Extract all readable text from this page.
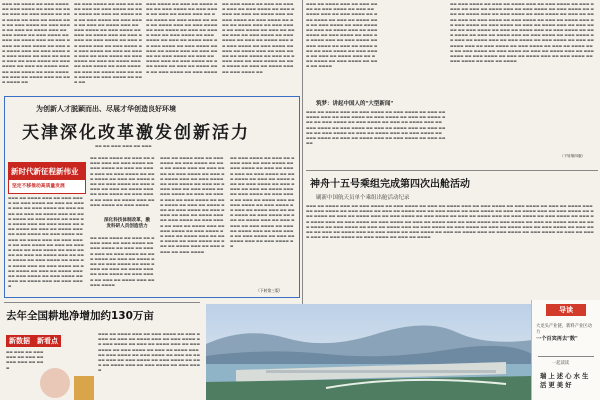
▬▬▬ ▬▬ ▬▬▬▬ ▬▬ ▬▬▬ ▬▬▬▬ ▬▬ ▬▬▬ ▬▬▬▬ ▬▬ ▬▬▬ ▬▬ ▬▬▬▬ ▬▬▬ ▬▬ ▬▬▬ ▬▬▬▬ ▬▬ ▬▬▬ ▬▬▬▬ ▬▬ ▬▬▬ ▬▬ ▬▬▬▬ ▬▬▬ ▬▬ ▬▬▬ ▬▬▬▬ ▬▬ ▬▬▬ ▬▬▬▬ ▬▬ ▬▬▬ ▬▬ ▬▬▬▬ ▬▬▬ ▬▬ ▬▬▬ ▬▬▬▬ ▬▬ ▬▬▬ ▬▬▬▬ ▬▬ ▬▬▬ ▬▬ ▬▬▬▬ ▬▬▬ ▬▬ ▬▬▬ ▬▬▬▬ ▬▬ ▬▬▬ ▬▬▬▬ ▬▬ ▬▬▬ ▬▬ ▬▬▬▬ ▬▬▬ ▬▬ ▬▬▬ ▬▬▬▬ ▬▬ ▬▬▬ ▬▬▬▬ ▬▬ ▬▬▬ ▬▬ ▬▬▬▬ ▬▬▬ ▬▬ ▬▬▬ ▬▬▬▬ ▬▬ ▬▬▬ ▬▬▬▬ ▬▬ ▬▬▬ ▬▬ ▬▬▬▬ ▬▬▬ ▬▬ ▬▬▬ ▬▬▬▬ ▬▬ ▬▬▬ ▬▬▬▬ ▬▬ ▬▬▬ ▬▬ ▬▬▬▬ ▬▬▬ ▬▬ ▬▬▬ ▬▬▬▬ ▬▬
▬▬ ▬▬▬ ▬▬▬▬ ▬▬ ▬▬▬ ▬▬ ▬▬▬▬ ▬▬▬ ▬▬ ▬▬▬ ▬▬▬▬ ▬▬ ▬▬▬ ▬▬▬▬ ▬▬ ▬▬▬ ▬▬ ▬▬▬▬ ▬▬▬ ▬▬ ▬▬▬ ▬▬▬▬ ▬▬ ▬▬▬ ▬▬▬▬ ▬▬ ▬▬▬ ▬▬ ▬▬▬▬ ▬▬▬ ▬▬ ▬▬▬ ▬▬▬▬ ▬▬ ▬▬▬ ▬▬▬▬ ▬▬ ▬▬▬ ▬▬ ▬▬▬▬ ▬▬▬ ▬▬ ▬▬▬ ▬▬▬▬ ▬▬ ▬▬▬ ▬▬▬▬ ▬▬ ▬▬▬ ▬▬ ▬▬▬▬ ▬▬▬ ▬▬ ▬▬▬ ▬▬▬▬ ▬▬ ▬▬▬ ▬▬▬▬ ▬▬ ▬▬▬ ▬▬ ▬▬▬▬ ▬▬▬ ▬▬ ▬▬▬ ▬▬▬▬ ▬▬ ▬▬▬ ▬▬▬▬ ▬▬ ▬▬▬ ▬▬ ▬▬▬▬ ▬▬▬ ▬▬ ▬▬▬ ▬▬▬▬ ▬▬ ▬▬▬ ▬▬▬▬ ▬▬ ▬▬▬ ▬▬ ▬▬▬▬ ▬▬▬ ▬▬ ▬▬▬ ▬▬▬▬ ▬▬ ▬▬▬ ▬▬▬▬ ▬▬ ▬▬▬ ▬▬
▬▬▬ ▬▬▬▬ ▬▬ ▬▬▬ ▬▬ ▬▬▬▬ ▬▬▬ ▬▬ ▬▬▬ ▬▬▬▬ ▬▬ ▬▬▬ ▬▬▬▬ ▬▬ ▬▬▬ ▬▬ ▬▬▬▬ ▬▬▬ ▬▬ ▬▬▬ ▬▬▬▬ ▬▬ ▬▬▬ ▬▬▬▬ ▬▬ ▬▬▬ ▬▬ ▬▬▬▬ ▬▬▬ ▬▬ ▬▬▬ ▬▬▬▬ ▬▬ ▬▬▬ ▬▬▬▬ ▬▬ ▬▬▬ ▬▬ ▬▬▬▬ ▬▬▬ ▬▬ ▬▬▬ ▬▬▬▬ ▬▬ ▬▬▬ ▬▬▬▬ ▬▬ ▬▬▬ ▬▬ ▬▬▬▬ ▬▬▬ ▬▬ ▬▬▬ ▬▬▬▬ ▬▬ ▬▬▬ ▬▬▬▬ ▬▬ ▬▬▬ ▬▬ ▬▬▬▬ ▬▬▬ ▬▬ ▬▬▬ ▬▬▬▬ ▬▬ ▬▬▬ ▬▬▬▬ ▬▬ ▬▬▬ ▬▬ ▬▬▬▬ ▬▬▬ ▬▬ ▬▬▬ ▬▬▬▬ ▬▬ ▬▬▬ ▬▬▬▬ ▬▬ ▬▬▬ ▬▬ ▬▬▬▬ ▬▬▬ ▬▬ ▬▬▬ ▬▬▬▬ ▬▬ ▬▬▬ ▬▬▬▬
▬▬ ▬▬▬ ▬▬▬▬ ▬▬ ▬▬▬ ▬▬ ▬▬▬▬ ▬▬▬ ▬▬ ▬▬▬ ▬▬▬▬ ▬▬ ▬▬▬ ▬▬▬▬ ▬▬ ▬▬▬ ▬▬ ▬▬▬▬ ▬▬▬ ▬▬ ▬▬▬ ▬▬▬▬ ▬▬ ▬▬▬ ▬▬▬▬ ▬▬ ▬▬▬ ▬▬ ▬▬▬▬ ▬▬▬ ▬▬ ▬▬▬ ▬▬▬▬ ▬▬ ▬▬▬ ▬▬▬▬ ▬▬ ▬▬▬ ▬▬ ▬▬▬▬ ▬▬▬ ▬▬ ▬▬▬ ▬▬▬▬ ▬▬ ▬▬▬ ▬▬▬▬ ▬▬ ▬▬▬ ▬▬ ▬▬▬▬ ▬▬▬ ▬▬ ▬▬▬ ▬▬▬▬ ▬▬ ▬▬▬ ▬▬▬▬ ▬▬ ▬▬▬ ▬▬ ▬▬▬▬ ▬▬▬ ▬▬ ▬▬▬ ▬▬▬▬ ▬▬ ▬▬▬ ▬▬▬▬ ▬▬ ▬▬▬ ▬▬ ▬▬▬▬ ▬▬▬ ▬▬ ▬▬▬ ▬▬▬▬ ▬▬ ▬▬▬ ▬▬▬▬ ▬▬ ▬▬▬ ▬▬ ▬▬▬▬ ▬▬▬ ▬▬ ▬▬▬ ▬▬▬▬ ▬▬
▬▬▬ ▬▬ ▬▬▬▬ ▬▬▬ ▬▬ ▬▬▬ ▬▬▬▬ ▬▬ ▬▬▬ ▬▬▬▬ ▬▬ ▬▬▬ ▬▬ ▬▬▬▬ ▬▬▬ ▬▬ ▬▬▬ ▬▬▬▬ ▬▬ ▬▬▬ ▬▬▬▬ ▬▬ ▬▬▬ ▬▬ ▬▬▬▬ ▬▬▬ ▬▬ ▬▬▬ ▬▬▬▬ ▬▬ ▬▬▬ ▬▬▬▬ ▬▬ ▬▬▬ ▬▬ ▬▬▬▬ ▬▬▬ ▬▬ ▬▬▬ ▬▬▬▬ ▬▬ ▬▬▬ ▬▬▬▬ ▬▬ ▬▬▬ ▬▬ ▬▬▬▬ ▬▬▬ ▬▬ ▬▬▬ ▬▬▬▬ ▬▬ ▬▬▬ ▬▬▬▬ ▬▬ ▬▬▬ ▬▬ ▬▬▬▬ ▬▬▬ ▬▬ ▬▬▬ ▬▬▬▬ ▬▬ ▬▬▬ ▬▬▬▬ ▬▬ ▬▬▬ ▬▬ ▬▬▬▬ ▬▬▬ ▬▬ ▬▬▬ ▬▬▬▬ ▬▬ ▬▬▬ ▬▬▬▬ ▬▬ ▬▬▬ ▬▬ ▬▬▬▬
筑梦：讲起中国人的"大型新闻"
▬▬▬ ▬▬ ▬▬▬▬ ▬▬▬ ▬▬ ▬▬▬ ▬▬▬▬ ▬▬ ▬▬▬ ▬▬▬▬ ▬▬ ▬▬▬ ▬▬ ▬▬▬▬ ▬▬▬ ▬▬ ▬▬▬ ▬▬▬▬ ▬▬ ▬▬▬ ▬▬▬▬ ▬▬ ▬▬▬ ▬▬ ▬▬▬▬ ▬▬▬ ▬▬ ▬▬▬ ▬▬▬▬ ▬▬ ▬▬▬ ▬▬▬▬ ▬▬ ▬▬▬ ▬▬ ▬▬▬▬ ▬▬▬ ▬▬ ▬▬▬ ▬▬▬▬ ▬▬ ▬▬▬ ▬▬▬▬ ▬▬ ▬▬▬ ▬▬ ▬▬▬▬ ▬▬▬ ▬▬ ▬▬▬ ▬▬▬▬ ▬▬ ▬▬▬ ▬▬▬▬ ▬▬ ▬▬▬ ▬▬ ▬▬▬▬ ▬▬▬ ▬▬ ▬▬▬ ▬▬▬▬ ▬▬ ▬▬▬ ▬▬▬▬ ▬▬ ▬▬▬ ▬▬ ▬▬▬▬ ▬▬▬ ▬▬ ▬▬▬ ▬▬▬▬ ▬▬ ▬▬▬ ▬▬▬▬
▬▬ ▬▬▬ ▬▬▬▬ ▬▬ ▬▬▬ ▬▬ ▬▬▬▬ ▬▬▬ ▬▬ ▬▬▬ ▬▬▬▬ ▬▬ ▬▬▬ ▬▬▬▬ ▬▬ ▬▬▬ ▬▬ ▬▬▬▬ ▬▬▬ ▬▬ ▬▬▬ ▬▬▬▬ ▬▬ ▬▬▬ ▬▬▬▬ ▬▬ ▬▬▬ ▬▬ ▬▬▬▬ ▬▬▬ ▬▬ ▬▬▬ ▬▬▬▬ ▬▬ ▬▬▬ ▬▬▬▬ ▬▬ ▬▬▬ ▬▬ ▬▬▬▬ ▬▬▬ ▬▬ ▬▬▬ ▬▬▬▬ ▬▬ ▬▬▬ ▬▬▬▬ ▬▬ ▬▬▬ ▬▬ ▬▬▬▬ ▬▬▬ ▬▬ ▬▬▬ ▬▬▬▬ ▬▬ ▬▬▬ ▬▬▬▬ ▬▬ ▬▬▬ ▬▬ ▬▬▬▬ ▬▬▬ ▬▬ ▬▬▬ ▬▬▬▬ ▬▬ ▬▬▬ ▬▬▬▬ ▬▬ ▬▬▬ ▬▬ ▬▬▬▬ ▬▬▬ ▬▬ ▬▬▬ ▬▬▬▬ ▬▬ ▬▬▬ ▬▬▬▬ ▬▬ ▬▬▬ ▬▬ ▬▬▬▬ ▬▬▬ ▬▬ ▬▬▬ ▬▬▬▬ ▬▬ ▬▬▬ ▬▬▬▬ ▬▬ ▬▬▬ ▬▬ ▬▬▬▬ ▬▬▬ ▬▬ ▬▬▬ ▬▬▬▬ ▬▬ ▬▬▬ ▬▬▬▬ ▬▬ ▬▬▬ ▬▬ ▬▬▬▬ ▬▬▬ ▬▬ ▬▬▬ ▬▬▬▬ ▬▬ ▬▬▬ ▬▬▬▬ ▬▬ ▬▬▬ ▬▬ ▬▬▬▬ ▬▬▬ ▬▬ ▬▬▬ ▬▬▬▬ ▬▬ ▬▬▬ ▬▬▬▬ ▬▬ ▬▬▬ ▬▬ ▬▬▬▬ ▬▬▬ ▬▬ ▬▬▬ ▬▬▬▬ ▬▬ ▬▬▬ ▬▬▬▬ ▬▬ ▬▬▬ ▬▬ ▬▬▬▬ ▬▬▬ ▬▬ ▬▬▬ ▬▬▬▬ ▬▬ ▬▬▬ ▬▬▬▬ ▬▬ ▬▬▬ ▬▬ ▬▬▬▬
（下转第四版）
神舟十五号乘组完成第四次出舱活动
刷新中国航天员单个乘组出舱活动纪录
▬▬▬ ▬▬ ▬▬▬▬ ▬▬▬ ▬▬ ▬▬▬ ▬▬▬▬ ▬▬ ▬▬▬ ▬▬▬▬ ▬▬ ▬▬▬ ▬▬ ▬▬▬▬ ▬▬▬ ▬▬ ▬▬▬ ▬▬▬▬ ▬▬ ▬▬▬ ▬▬▬▬ ▬▬ ▬▬▬ ▬▬ ▬▬▬▬ ▬▬▬ ▬▬ ▬▬▬ ▬▬▬▬ ▬▬ ▬▬▬ ▬▬▬▬ ▬▬ ▬▬▬ ▬▬ ▬▬▬▬ ▬▬▬ ▬▬ ▬▬▬ ▬▬▬▬ ▬▬ ▬▬▬ ▬▬▬▬ ▬▬ ▬▬▬ ▬▬ ▬▬▬▬ ▬▬▬ ▬▬ ▬▬▬ ▬▬▬▬ ▬▬ ▬▬▬ ▬▬▬▬ ▬▬ ▬▬▬ ▬▬ ▬▬▬▬ ▬▬▬ ▬▬ ▬▬▬ ▬▬▬▬ ▬▬ ▬▬▬ ▬▬▬▬ ▬▬ ▬▬▬ ▬▬ ▬▬▬▬ ▬▬▬ ▬▬ ▬▬▬ ▬▬▬▬ ▬▬ ▬▬▬ ▬▬▬▬ ▬▬ ▬▬▬ ▬▬ ▬▬▬▬ ▬▬▬ ▬▬ ▬▬▬ ▬▬▬▬ ▬▬ ▬▬▬ ▬▬▬▬ ▬▬ ▬▬▬ ▬▬ ▬▬▬▬ ▬▬▬ ▬▬ ▬▬▬ ▬▬▬▬ ▬▬ ▬▬▬ ▬▬▬▬ ▬▬ ▬▬▬ ▬▬ ▬▬▬▬ ▬▬▬ ▬▬ ▬▬▬ ▬▬▬▬ ▬▬ ▬▬▬ ▬▬▬▬ ▬▬ ▬▬▬ ▬▬ ▬▬▬▬ ▬▬▬ ▬▬ ▬▬▬ ▬▬▬▬ ▬▬ ▬▬▬ ▬▬▬▬ ▬▬ ▬▬▬ ▬▬ ▬▬▬▬ ▬▬▬ ▬▬ ▬▬▬ ▬▬▬▬ ▬▬ ▬▬▬ ▬▬▬▬ ▬▬ ▬▬▬ ▬▬ ▬▬▬▬ ▬▬▬ ▬▬ ▬▬▬ ▬▬▬▬ ▬▬ ▬▬▬ ▬▬▬▬ ▬▬ ▬▬▬ ▬▬ ▬▬▬▬ ▬▬▬ ▬▬ ▬▬▬ ▬▬▬▬ ▬▬ ▬▬▬ ▬▬▬▬ ▬▬ ▬▬▬ ▬▬ ▬▬▬▬ ▬▬▬ ▬▬ ▬▬▬ ▬▬▬▬ ▬▬ ▬▬▬ ▬▬▬▬ ▬▬ ▬▬▬ ▬▬ ▬▬▬▬
为创新人才脱颖而出、尽展才华创造良好环境
天津深化改革激发创新活力
▬▬ ▬▬ ▬▬▬ ▬▬▬ ▬▬ ▬▬▬
新时代新征程新伟业
坚定不移推动高质量发展
▬▬▬ ▬▬ ▬▬▬▬ ▬▬▬ ▬▬ ▬▬▬ ▬▬▬▬ ▬▬ ▬▬▬ ▬▬▬▬ ▬▬ ▬▬▬ ▬▬ ▬▬▬▬ ▬▬▬ ▬▬ ▬▬▬ ▬▬▬▬ ▬▬ ▬▬▬ ▬▬▬▬ ▬▬ ▬▬▬ ▬▬ ▬▬▬▬ ▬▬▬ ▬▬ ▬▬▬ ▬▬▬▬ ▬▬ ▬▬▬ ▬▬▬▬ ▬▬ ▬▬▬ ▬▬ ▬▬▬▬ ▬▬▬ ▬▬ ▬▬▬ ▬▬▬▬ ▬▬ ▬▬▬ ▬▬▬▬ ▬▬ ▬▬▬ ▬▬ ▬▬▬▬ ▬▬▬ ▬▬ ▬▬▬ ▬▬▬▬ ▬▬ ▬▬▬ ▬▬▬▬ ▬▬ ▬▬▬ ▬▬ ▬▬▬▬ ▬▬▬ ▬▬ ▬▬▬ ▬▬▬▬ ▬▬ ▬▬▬ ▬▬▬▬ ▬▬ ▬▬▬ ▬▬ ▬▬▬▬ ▬▬▬ ▬▬ ▬▬▬ ▬▬▬▬ ▬▬ ▬▬▬ ▬▬▬▬ ▬▬ ▬▬▬ ▬▬ ▬▬▬▬ ▬▬▬ ▬▬ ▬▬▬ ▬▬▬▬ ▬▬ ▬▬▬ ▬▬▬▬ ▬▬ ▬▬▬ ▬▬ ▬▬▬▬ ▬▬▬ ▬▬ ▬▬▬ ▬▬▬▬ ▬▬ ▬▬▬ ▬▬▬▬ ▬▬ ▬▬▬ ▬▬ ▬▬▬▬ ▬▬▬ ▬▬ ▬▬▬ ▬▬▬▬ ▬▬ ▬▬▬ ▬▬▬▬ ▬▬ ▬▬▬ ▬▬ ▬▬▬▬ ▬▬▬ ▬▬ ▬▬▬ ▬▬▬▬
▬▬ ▬▬▬ ▬▬▬▬ ▬▬ ▬▬▬ ▬▬ ▬▬▬▬ ▬▬▬ ▬▬ ▬▬▬ ▬▬▬▬ ▬▬ ▬▬▬ ▬▬▬▬ ▬▬ ▬▬▬ ▬▬ ▬▬▬▬ ▬▬▬ ▬▬ ▬▬▬ ▬▬▬▬ ▬▬ ▬▬▬ ▬▬▬▬ ▬▬ ▬▬▬ ▬▬ ▬▬▬▬ ▬▬▬ ▬▬ ▬▬▬ ▬▬▬▬ ▬▬ ▬▬▬ ▬▬▬▬ ▬▬ ▬▬▬ ▬▬ ▬▬▬▬ ▬▬▬ ▬▬ ▬▬▬ ▬▬▬▬ ▬▬ ▬▬▬ ▬▬▬▬ ▬▬ ▬▬▬ ▬▬ ▬▬▬▬ ▬▬▬ ▬▬ ▬▬▬ ▬▬▬▬ ▬▬ ▬▬▬ ▬▬▬▬
深化科技体制改革，激发科研人员创造活力
▬▬ ▬▬▬ ▬▬▬▬ ▬▬ ▬▬▬ ▬▬ ▬▬▬▬ ▬▬▬ ▬▬ ▬▬▬ ▬▬▬▬ ▬▬ ▬▬▬ ▬▬▬▬ ▬▬ ▬▬▬ ▬▬ ▬▬▬▬ ▬▬▬ ▬▬ ▬▬▬ ▬▬▬▬ ▬▬ ▬▬▬ ▬▬▬▬ ▬▬ ▬▬▬ ▬▬ ▬▬▬▬ ▬▬▬ ▬▬ ▬▬▬ ▬▬▬▬ ▬▬ ▬▬▬ ▬▬▬▬ ▬▬ ▬▬▬ ▬▬ ▬▬▬▬ ▬▬▬ ▬▬ ▬▬▬ ▬▬▬▬ ▬▬ ▬▬▬ ▬▬▬▬ ▬▬ ▬▬▬ ▬▬ ▬▬▬▬ ▬▬▬ ▬▬ ▬▬▬ ▬▬▬▬
▬▬▬ ▬▬ ▬▬▬▬ ▬▬▬ ▬▬ ▬▬▬ ▬▬▬▬ ▬▬ ▬▬▬ ▬▬▬▬ ▬▬ ▬▬▬ ▬▬ ▬▬▬▬ ▬▬▬ ▬▬ ▬▬▬ ▬▬▬▬ ▬▬ ▬▬▬ ▬▬▬▬ ▬▬ ▬▬▬ ▬▬ ▬▬▬▬ ▬▬▬ ▬▬ ▬▬▬ ▬▬▬▬ ▬▬ ▬▬▬ ▬▬▬▬ ▬▬ ▬▬▬ ▬▬ ▬▬▬▬ ▬▬▬ ▬▬ ▬▬▬ ▬▬▬▬ ▬▬ ▬▬▬ ▬▬▬▬ ▬▬ ▬▬▬ ▬▬ ▬▬▬▬ ▬▬▬ ▬▬ ▬▬▬ ▬▬▬▬ ▬▬ ▬▬▬ ▬▬▬▬ ▬▬ ▬▬▬ ▬▬ ▬▬▬▬ ▬▬▬ ▬▬ ▬▬▬ ▬▬▬▬ ▬▬ ▬▬▬ ▬▬▬▬ ▬▬ ▬▬▬ ▬▬ ▬▬▬▬ ▬▬▬ ▬▬ ▬▬▬ ▬▬▬▬ ▬▬ ▬▬▬ ▬▬▬▬ ▬▬ ▬▬▬ ▬▬ ▬▬▬▬ ▬▬▬ ▬▬ ▬▬▬ ▬▬▬▬ ▬▬ ▬▬▬ ▬▬▬▬ ▬▬ ▬▬▬ ▬▬ ▬▬▬▬ ▬▬▬ ▬▬ ▬▬▬ ▬▬▬▬ ▬▬ ▬▬▬ ▬▬▬▬ ▬▬ ▬▬▬ ▬▬ ▬▬▬▬ ▬▬▬ ▬▬ ▬▬▬ ▬▬▬▬ ▬▬ ▬▬▬ ▬▬▬▬
▬▬ ▬▬▬ ▬▬▬▬ ▬▬ ▬▬▬ ▬▬ ▬▬▬▬ ▬▬▬ ▬▬ ▬▬▬ ▬▬▬▬ ▬▬ ▬▬▬ ▬▬▬▬ ▬▬ ▬▬▬ ▬▬ ▬▬▬▬ ▬▬▬ ▬▬ ▬▬▬ ▬▬▬▬ ▬▬ ▬▬▬ ▬▬▬▬ ▬▬ ▬▬▬ ▬▬ ▬▬▬▬ ▬▬▬ ▬▬ ▬▬▬ ▬▬▬▬ ▬▬ ▬▬▬ ▬▬▬▬ ▬▬ ▬▬▬ ▬▬ ▬▬▬▬ ▬▬▬ ▬▬ ▬▬▬ ▬▬▬▬ ▬▬ ▬▬▬ ▬▬▬▬ ▬▬ ▬▬▬ ▬▬ ▬▬▬▬ ▬▬▬ ▬▬ ▬▬▬ ▬▬▬▬ ▬▬ ▬▬▬ ▬▬▬▬ ▬▬ ▬▬▬ ▬▬ ▬▬▬▬ ▬▬▬ ▬▬ ▬▬▬ ▬▬▬▬ ▬▬ ▬▬▬ ▬▬▬▬ ▬▬ ▬▬▬ ▬▬ ▬▬▬▬ ▬▬▬ ▬▬ ▬▬▬ ▬▬▬▬ ▬▬ ▬▬▬ ▬▬▬▬ ▬▬ ▬▬▬ ▬▬ ▬▬▬▬ ▬▬▬ ▬▬ ▬▬▬ ▬▬▬▬ ▬▬ ▬▬▬ ▬▬▬▬ ▬▬ ▬▬▬ ▬▬ ▬▬▬▬ ▬▬▬ ▬▬ ▬▬▬ ▬▬▬▬ ▬▬
（下转第三版）
去年全国耕地净增加约130万亩
新数据　新看点
▬▬ ▬▬▬ ▬▬ ▬▬▬ ▬▬▬ ▬▬ ▬▬▬ ▬▬ ▬▬▬ ▬▬▬ ▬▬ ▬▬▬
▬▬▬ ▬▬ ▬▬▬▬ ▬▬▬ ▬▬ ▬▬▬ ▬▬▬▬ ▬▬ ▬▬▬ ▬▬▬▬ ▬▬ ▬▬▬ ▬▬ ▬▬▬▬ ▬▬▬ ▬▬ ▬▬▬ ▬▬▬▬ ▬▬ ▬▬▬ ▬▬▬▬ ▬▬ ▬▬▬ ▬▬ ▬▬▬▬ ▬▬▬ ▬▬ ▬▬▬ ▬▬▬▬ ▬▬ ▬▬▬ ▬▬▬▬ ▬▬ ▬▬▬ ▬▬ ▬▬▬▬ ▬▬▬ ▬▬ ▬▬▬ ▬▬▬▬ ▬▬ ▬▬▬ ▬▬▬▬ ▬▬ ▬▬▬ ▬▬ ▬▬▬▬ ▬▬▬ ▬▬ ▬▬▬ ▬▬▬▬ ▬▬ ▬▬▬ ▬▬▬▬ ▬▬ ▬▬▬ ▬▬ ▬▬▬▬ ▬▬▬ ▬▬ ▬▬▬ ▬▬▬▬ ▬▬ ▬▬▬ ▬▬▬▬
导读
大龙头产业链，新料产业区动力
一个百宾再去"数"
一起读读
瑞上述心水生活更美好
